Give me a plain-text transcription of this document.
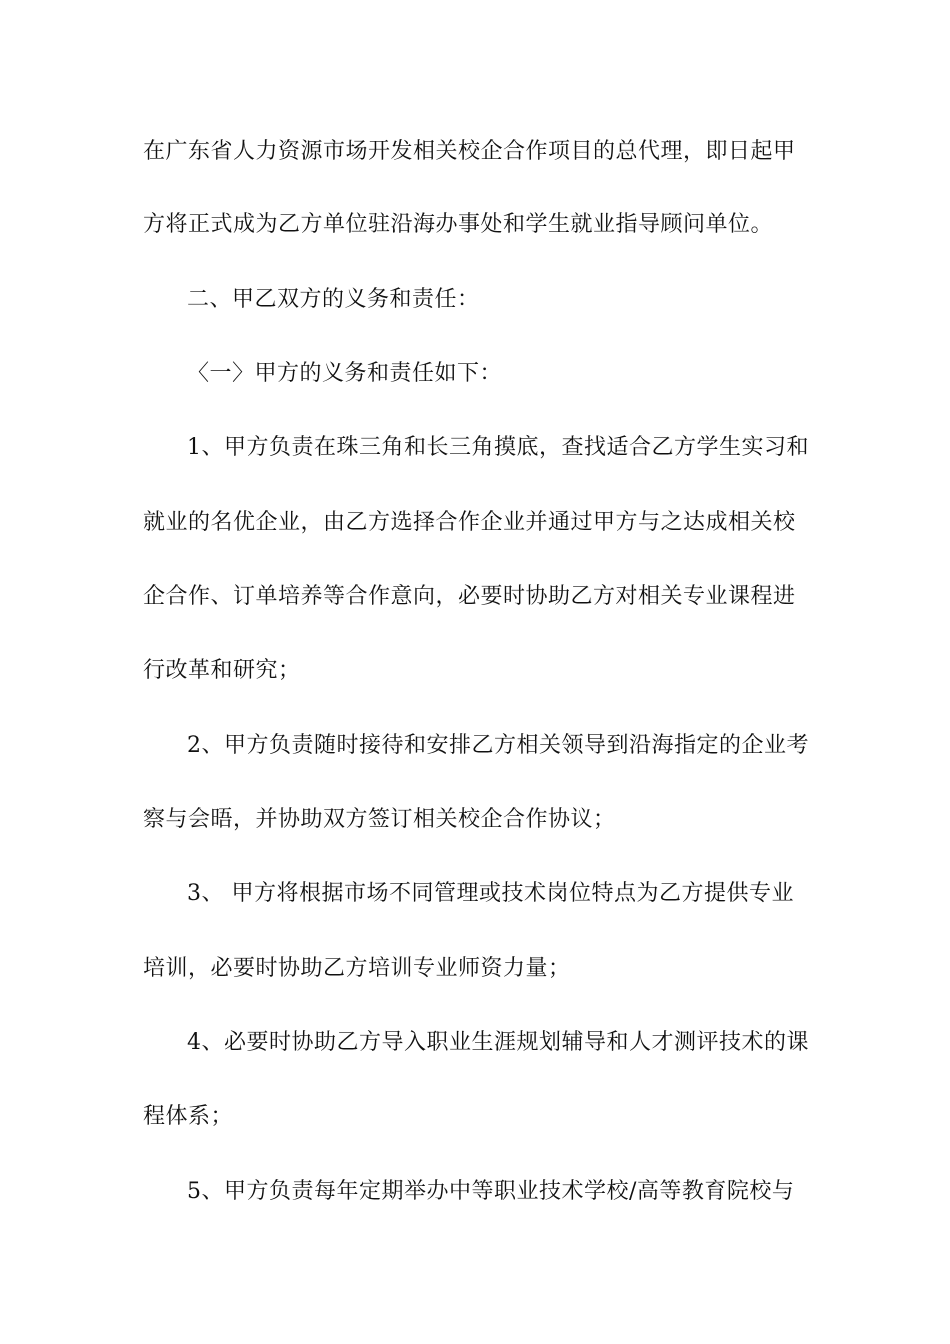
在广东省人力资源市场开发相关校企合作项目的总代理，即日起甲
方将正式成为乙方单位驻沿海办事处和学生就业指导顾问单位。
二、甲乙双方的义务和责任：
〈一〉甲方的义务和责任如下：
1、甲方负责在珠三角和长三角摸底，查找适合乙方学生实习和
就业的名优企业，由乙方选择合作企业并通过甲方与之达成相关校
企合作、订单培养等合作意向，必要时协助乙方对相关专业课程进
行改革和研究；
2、甲方负责随时接待和安排乙方相关领导到沿海指定的企业考
察与会晤，并协助双方签订相关校企合作协议；
3、 甲方将根据市场不同管理或技术岗位特点为乙方提供专业
培训，必要时协助乙方培训专业师资力量；
4、必要时协助乙方导入职业生涯规划辅导和人才测评技术的课
程体系；
5、甲方负责每年定期举办中等职业技术学校/高等教育院校与
